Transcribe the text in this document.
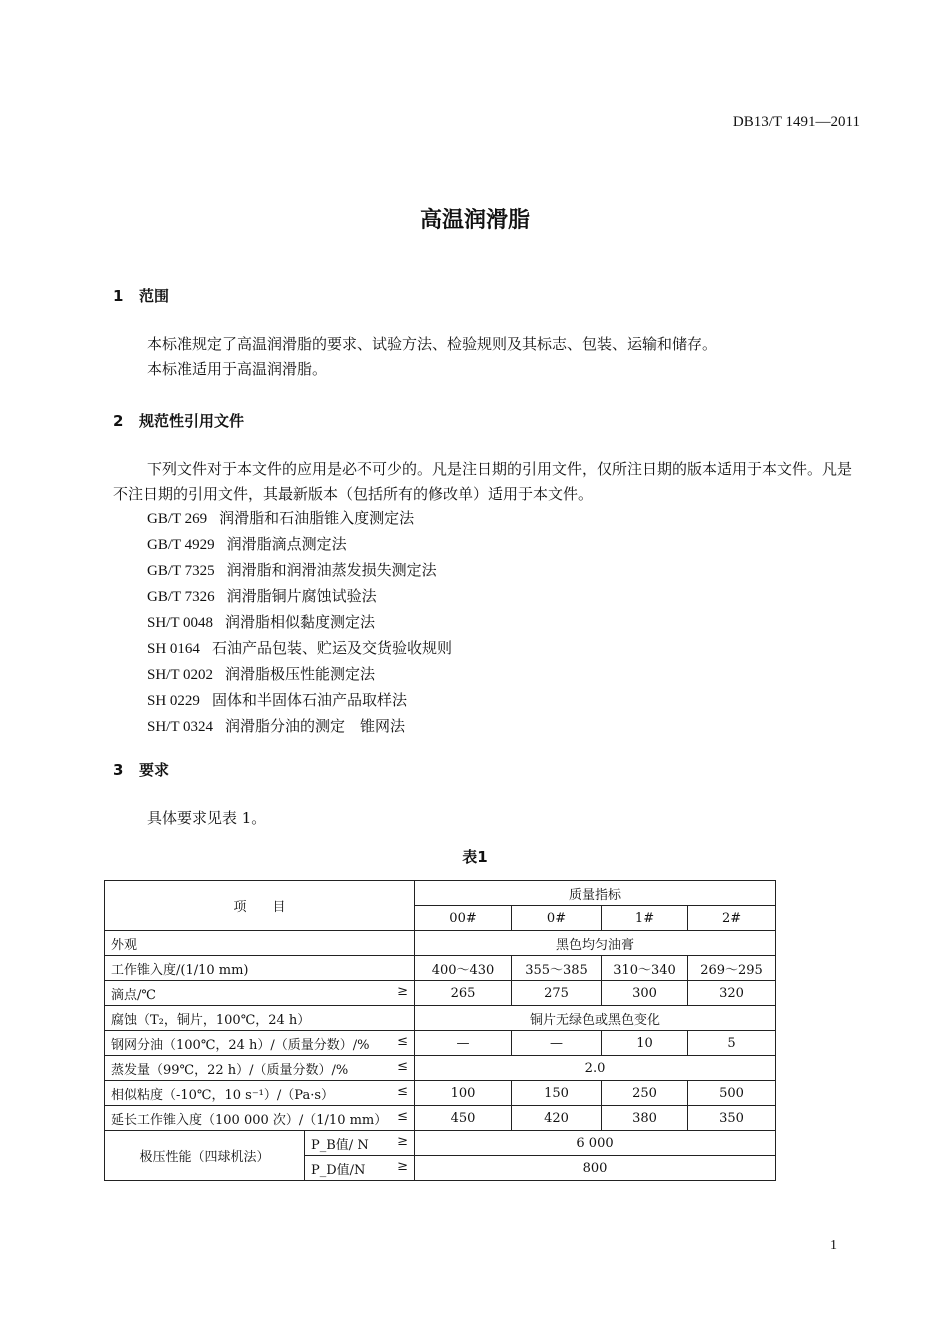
DB13/T 1491—2011
高温润滑脂
1 范围
本标准规定了高温润滑脂的要求、试验方法、检验规则及其标志、包装、运输和储存。
本标准适用于高温润滑脂。
2 规范性引用文件
下列文件对于本文件的应用是必不可少的。凡是注日期的引用文件，仅所注日期的版本适用于本文件。凡是不注日期的引用文件，其最新版本（包括所有的修改单）适用于本文件。
GB/T 269 润滑脂和石油脂锥入度测定法
GB/T 4929 润滑脂滴点测定法
GB/T 7325 润滑脂和润滑油蒸发损失测定法
GB/T 7326 润滑脂铜片腐蚀试验法
SH/T 0048 润滑脂相似黏度测定法
SH 0164 石油产品包装、贮运及交货验收规则
SH/T 0202 润滑脂极压性能测定法
SH 0229 固体和半固体石油产品取样法
SH/T 0324 润滑脂分油的测定　锥网法
3 要求
具体要求见表 1。
表1
项　　目		质量指标			
		00#	0#	1#	2#

外观		黑色均匀油膏			

工作锥入度/(1/10 mm)		400～430	355～385	310～340	269～295

滴点/℃ ≥		265	275	300	320

腐蚀（T₂，铜片，100℃，24 h）		铜片无绿色或黑色变化			

钢网分油（100℃，24 h）/（质量分数）/% ≤		—	—	10	5

蒸发量（99℃，22 h）/（质量分数）/% ≤		2.0			

相似粘度（-10℃，10 s⁻¹）/（Pa·s） ≤		100	150	250	500

延长工作锥入度（100 000 次）/（1/10 mm） ≤		450	420	380	350
极压性能（四球机法）	P_B值/ N ≥	6 000			

	P_D值/N ≥	800			
1
